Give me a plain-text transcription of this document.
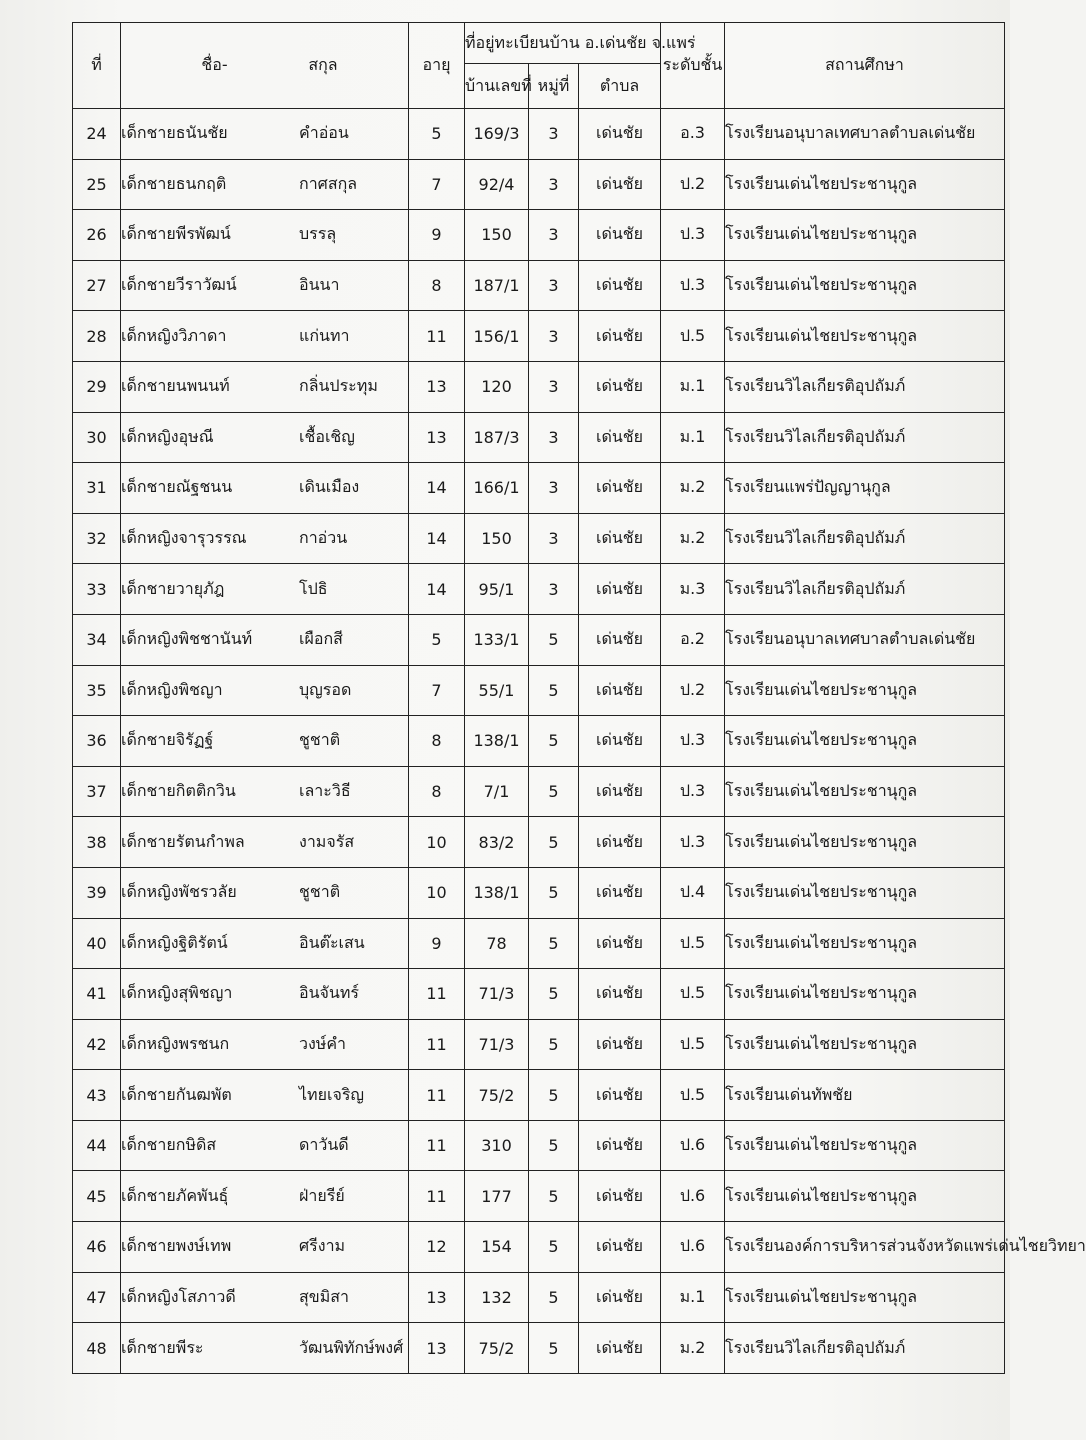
ที่	ชื่อ- สกุล	อายุ	ที่อยู่ทะเบียนบ้าน อ.เด่นชัย จ.แพร่			ระดับชั้น	สถานศึกษา
			บ้านเลขที่	หมู่ที่	ตำบล		
24	เด็กชายธนันชัย คำอ่อน	5	169/3	3	เด่นชัย	อ.3	โรงเรียนอนุบาลเทศบาลตำบลเด่นชัย
25	เด็กชายธนกฤติ กาศสกุล	7	92/4	3	เด่นชัย	ป.2	โรงเรียนเด่นไชยประชานุกูล
26	เด็กชายพีรพัฒน์ บรรลุ	9	150	3	เด่นชัย	ป.3	โรงเรียนเด่นไชยประชานุกูล
27	เด็กชายวีราวัฒน์ อินนา	8	187/1	3	เด่นชัย	ป.3	โรงเรียนเด่นไชยประชานุกูล
28	เด็กหญิงวิภาดา แก่นทา	11	156/1	3	เด่นชัย	ป.5	โรงเรียนเด่นไชยประชานุกูล
29	เด็กชายนพนนท์ กลิ่นประทุม	13	120	3	เด่นชัย	ม.1	โรงเรียนวิไลเกียรติอุปถัมภ์
30	เด็กหญิงอุษณี เชื้อเชิญ	13	187/3	3	เด่นชัย	ม.1	โรงเรียนวิไลเกียรติอุปถัมภ์
31	เด็กชายณัฐชนน เดินเมือง	14	166/1	3	เด่นชัย	ม.2	โรงเรียนแพร่ปัญญานุกูล
32	เด็กหญิงจารุวรรณ กาอ่วน	14	150	3	เด่นชัย	ม.2	โรงเรียนวิไลเกียรติอุปถัมภ์
33	เด็กชายวายุภัฎ โปธิ	14	95/1	3	เด่นชัย	ม.3	โรงเรียนวิไลเกียรติอุปถัมภ์
34	เด็กหญิงพิชชานันท์ เผือกสี	5	133/1	5	เด่นชัย	อ.2	โรงเรียนอนุบาลเทศบาลตำบลเด่นชัย
35	เด็กหญิงพิชญา บุญรอด	7	55/1	5	เด่นชัย	ป.2	โรงเรียนเด่นไชยประชานุกูล
36	เด็กชายจิรัฏฐ์ ชูชาติ	8	138/1	5	เด่นชัย	ป.3	โรงเรียนเด่นไชยประชานุกูล
37	เด็กชายกิตติกวิน เลาะวิธี	8	7/1	5	เด่นชัย	ป.3	โรงเรียนเด่นไชยประชานุกูล
38	เด็กชายรัตนกำพล งามจรัส	10	83/2	5	เด่นชัย	ป.3	โรงเรียนเด่นไชยประชานุกูล
39	เด็กหญิงพัชรวลัย ชูชาติ	10	138/1	5	เด่นชัย	ป.4	โรงเรียนเด่นไชยประชานุกูล
40	เด็กหญิงฐิติรัตน์ อินต๊ะเสน	9	78	5	เด่นชัย	ป.5	โรงเรียนเด่นไชยประชานุกูล
41	เด็กหญิงสุพิชญา อินจันทร์	11	71/3	5	เด่นชัย	ป.5	โรงเรียนเด่นไชยประชานุกูล
42	เด็กหญิงพรชนก วงษ์คำ	11	71/3	5	เด่นชัย	ป.5	โรงเรียนเด่นไชยประชานุกูล
43	เด็กชายกันฒพัต ไทยเจริญ	11	75/2	5	เด่นชัย	ป.5	โรงเรียนเด่นทัพชัย
44	เด็กชายกษิดิส ดาวันดี	11	310	5	เด่นชัย	ป.6	โรงเรียนเด่นไชยประชานุกูล
45	เด็กชายภัคพันธุ์ ฝ่ายรีย์	11	177	5	เด่นชัย	ป.6	โรงเรียนเด่นไชยประชานุกูล
46	เด็กชายพงษ์เทพ ศรีงาม	12	154	5	เด่นชัย	ป.6	โรงเรียนองค์การบริหารส่วนจังหวัดแพร่เด่นไชยวิทยา
47	เด็กหญิงโสภาวดี สุขมิสา	13	132	5	เด่นชัย	ม.1	โรงเรียนเด่นไชยประชานุกูล
48	เด็กชายพีระ วัฒนพิทักษ์พงศ์	13	75/2	5	เด่นชัย	ม.2	โรงเรียนวิไลเกียรติอุปถัมภ์
